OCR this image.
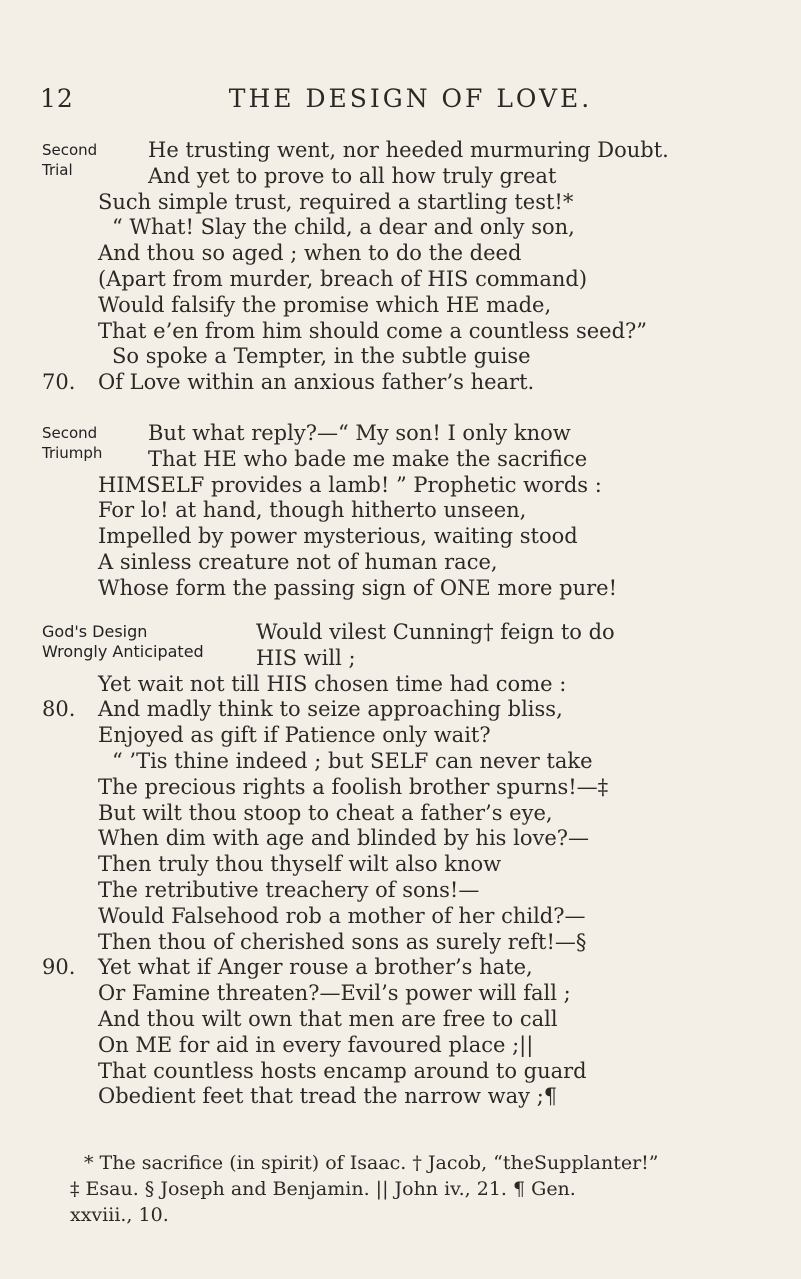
12	THE DESIGN OF LOVE.
Second
Trial
He trusting went, nor heeded murmuring Doubt.
And yet to prove to all how truly great
Such simple trust, required a startling test!*
“ What! Slay the child, a dear and only son,
And thou so aged ; when to do the deed
(Apart from murder, breach of HIS command)
Would falsify the promise which HE made,
That e’en from him should come a countless seed?”
So spoke a Tempter, in the subtle guise
70. Of Love within an anxious father’s heart.
Second
Triumph
But what reply?—“ My son! I only know
That HE who bade me make the sacrifice
HIMSELF provides a lamb! ” Prophetic words :
For lo! at hand, though hitherto unseen,
Impelled by power mysterious, waiting stood
A sinless creature not of human race,
Whose form the passing sign of ONE more pure!
God's Design
Wrongly Anticipated
Would vilest Cunning† feign to do
HIS will ;
Yet wait not till HIS chosen time had come :
80. And madly think to seize approaching bliss,
Enjoyed as gift if Patience only wait?
“ ’Tis thine indeed ; but SELF can never take
The precious rights a foolish brother spurns!—‡
But wilt thou stoop to cheat a father’s eye,
When dim with age and blinded by his love?—
Then truly thou thyself wilt also know
The retributive treachery of sons!—
Would Falsehood rob a mother of her child?—
Then thou of cherished sons as surely reft!—§
90. Yet what if Anger rouse a brother’s hate,
Or Famine threaten?—Evil’s power will fall ;
And thou wilt own that men are free to call
On ME for aid in every favoured place ;||
That countless hosts encamp around to guard
Obedient feet that tread the narrow way ;¶
* The sacrifice (in spirit) of Isaac. † Jacob, “theSupplanter!”
‡ Esau. § Joseph and Benjamin. || John iv., 21. ¶ Gen.
xxviii., 10.
